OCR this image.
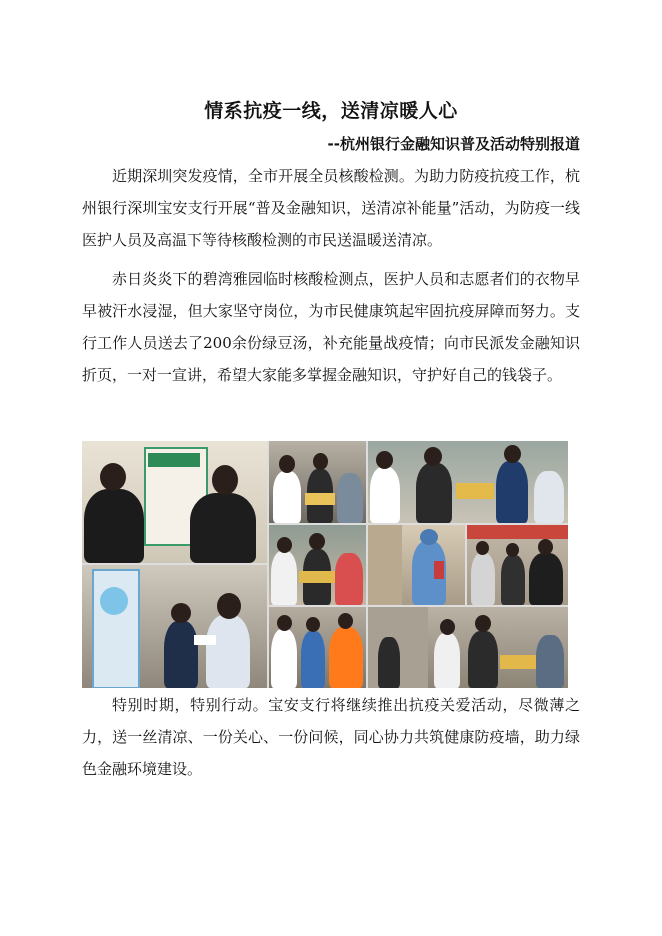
情系抗疫一线，送清凉暖人心
--杭州银行金融知识普及活动特别报道

近期深圳突发疫情，全市开展全员核酸检测。为助力防疫抗疫工作，杭州银行深圳宝安支行开展“普及金融知识，送清凉补能量”活动，为防疫一线医护人员及高温下等待核酸检测的市民送温暖送清凉。

赤日炎炎下的碧湾雅园临时核酸检测点，医护人员和志愿者们的衣物早早被汗水浸湿，但大家坚守岗位，为市民健康筑起牢固抗疫屏障而努力。支行工作人员送去了200余份绿豆汤，补充能量战疫情；向市民派发金融知识折页，一对一宣讲，希望大家能多掌握金融知识，守护好自己的钱袋子。

特别时期，特别行动。宝安支行将继续推出抗疫关爱活动，尽微薄之力，送一丝清凉、一份关心、一份问候，同心协力共筑健康防疫墙，助力绿色金融环境建设。
